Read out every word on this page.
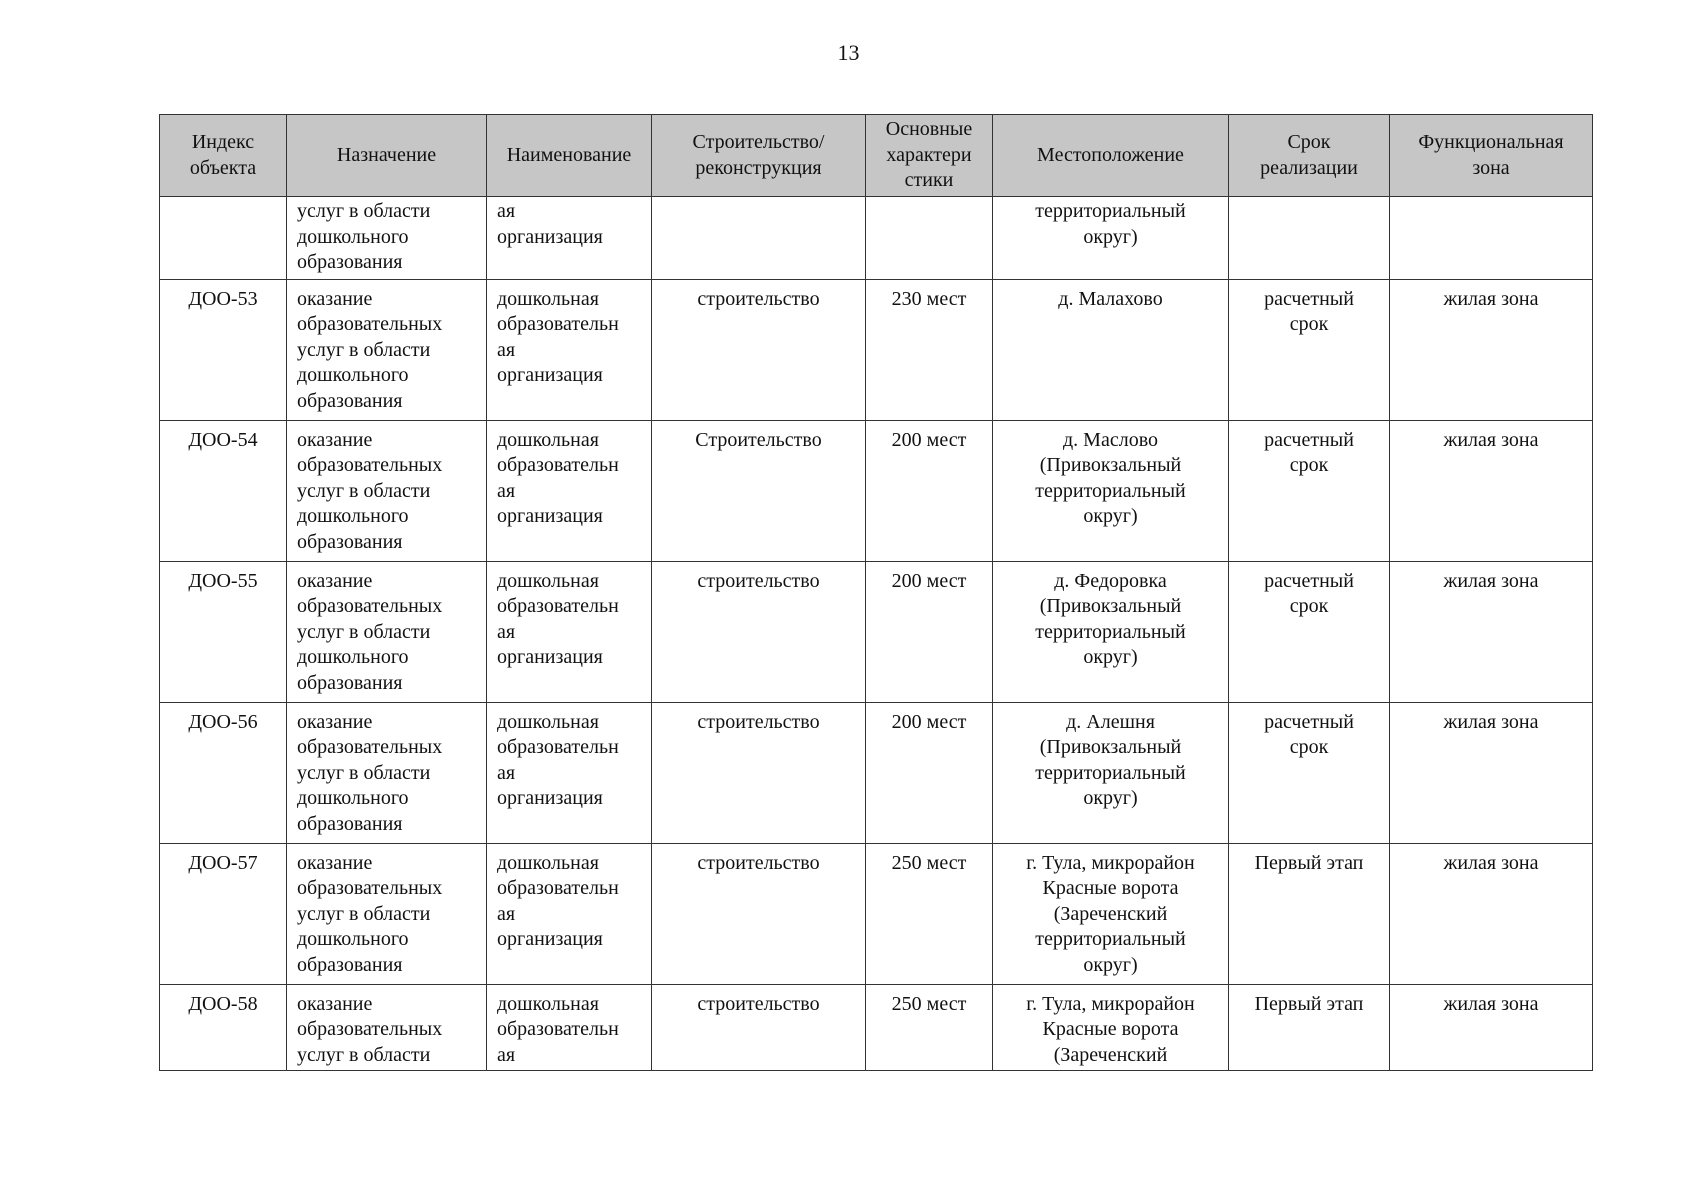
13
Индекс
объекта	Назначение	Наименование	Строительство/
реконструкция	Основные
характери
стики	Местоположение	Срок
реализации	Функциональная
зона
	услуг в области
дошкольного
образования	ая
организация			территориальный
округ)		
ДОО-53	оказание
образовательных
услуг в области
дошкольного
образования	дошкольная
образовательн
ая
организация	строительство	230 мест	д. Малахово	расчетный
срок	жилая зона
ДОО-54	оказание
образовательных
услуг в области
дошкольного
образования	дошкольная
образовательн
ая
организация	Строительство	200 мест	д. Маслово
(Привокзальный
территориальный
округ)	расчетный
срок	жилая зона
ДОО-55	оказание
образовательных
услуг в области
дошкольного
образования	дошкольная
образовательн
ая
организация	строительство	200 мест	д. Федоровка
(Привокзальный
территориальный
округ)	расчетный
срок	жилая зона
ДОО-56	оказание
образовательных
услуг в области
дошкольного
образования	дошкольная
образовательн
ая
организация	строительство	200 мест	д. Алешня
(Привокзальный
территориальный
округ)	расчетный
срок	жилая зона
ДОО-57	оказание
образовательных
услуг в области
дошкольного
образования	дошкольная
образовательн
ая
организация	строительство	250 мест	г. Тула, микрорайон
Красные ворота
(Зареченский
территориальный
округ)	Первый этап	жилая зона
ДОО-58	оказание
образовательных
услуг в области	дошкольная
образовательн
ая	строительство	250 мест	г. Тула, микрорайон
Красные ворота
(Зареченский	Первый этап	жилая зона
